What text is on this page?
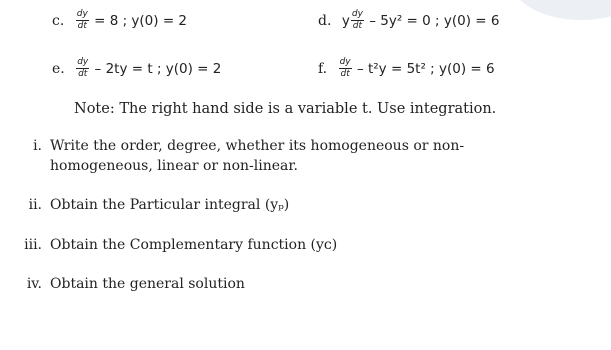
c. $\frac{dy}{dt} = 8$ ; y(0) = 2	d. y $\frac{dy}{dt} - 5y^2 = 0$ ; y(0) = 6
e. $\frac{dy}{dt} - 2ty = t$ ; y(0) = 2	f. $\frac{dy}{dt} - t^2y = 5t^2$ ; y(0) = 6
Note: The right hand side is a variable t. Use integration.
i. Write the order, degree, whether its homogeneous or non-
homogeneous, linear or non-linear.
ii. Obtain the Particular integral (yₚ)
iii. Obtain the Complementary function (yᴄ)
iv. Obtain the general solution
